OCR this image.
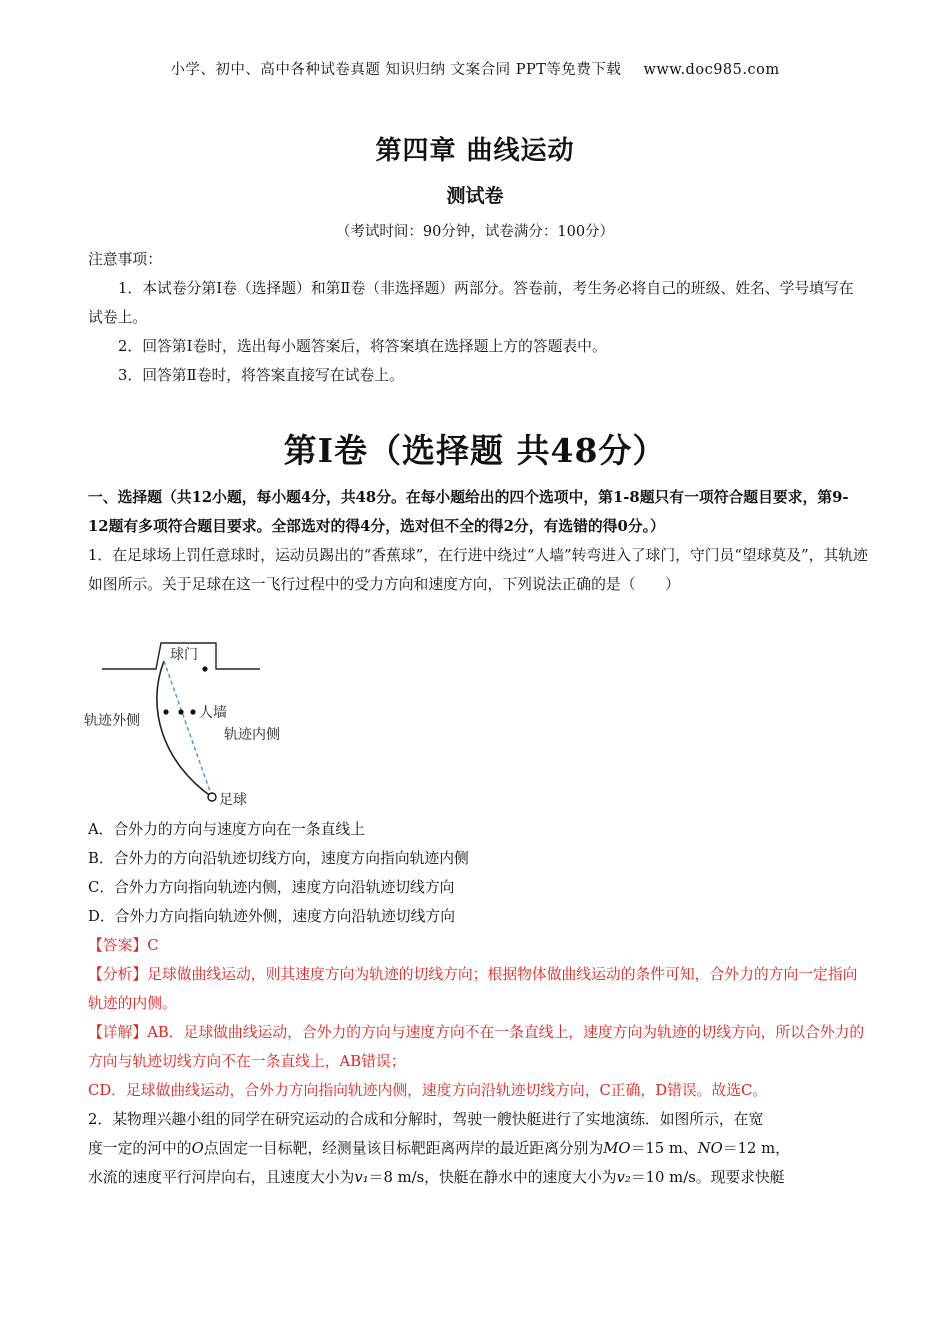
小学、初中、高中各种试卷真题 知识归纳 文案合同 PPT等免费下载 www.doc985.com
第四章 曲线运动
测试卷
（考试时间：90分钟，试卷满分：100分）

注意事项：

1．本试卷分第Ⅰ卷（选择题）和第Ⅱ卷（非选择题）两部分。答卷前，考生务必将自己的班级、姓名、学号填写在试卷上。

2．回答第Ⅰ卷时，选出每小题答案后，将答案填在选择题上方的答题表中。

3．回答第Ⅱ卷时，将答案直接写在试卷上。

第Ⅰ卷（选择题 共48分）

一、选择题（共12小题，每小题4分，共48分。在每小题给出的四个选项中，第1-8题只有一项符合题目要求，第9-12题有多项符合题目要求。全部选对的得4分，选对但不全的得2分，有选错的得0分。）

1．在足球场上罚任意球时，运动员踢出的“香蕉球”，在行进中绕过“人墙”转弯进入了球门，守门员“望球莫及”，其轨迹如图所示。关于足球在这一飞行过程中的受力方向和速度方向，下列说法正确的是（　　）

球门
人墙
轨迹外侧
轨迹内侧
足球

A．合外力的方向与速度方向在一条直线上

B．合外力的方向沿轨迹切线方向，速度方向指向轨迹内侧

C．合外力方向指向轨迹内侧，速度方向沿轨迹切线方向

D．合外力方向指向轨迹外侧，速度方向沿轨迹切线方向

【答案】C

【分析】足球做曲线运动，则其速度方向为轨迹的切线方向；根据物体做曲线运动的条件可知，合外力的方向一定指向轨迹的内侧。

【详解】AB．足球做曲线运动，合外力的方向与速度方向不在一条直线上，速度方向为轨迹的切线方向，所以合外力的方向与轨迹切线方向不在一条直线上，AB错误；

CD．足球做曲线运动，合外力方向指向轨迹内侧，速度方向沿轨迹切线方向，C正确，D错误。故选C。

2．某物理兴趣小组的同学在研究运动的合成和分解时，驾驶一艘快艇进行了实地演练．如图所示，在宽

度一定的河中的O点固定一目标靶，经测量该目标靶距离两岸的最近距离分别为MO＝15 m、NO＝12 m，

水流的速度平行河岸向右，且速度大小为v₁＝8 m/s，快艇在静水中的速度大小为v₂＝10 m/s。现要求快艇
